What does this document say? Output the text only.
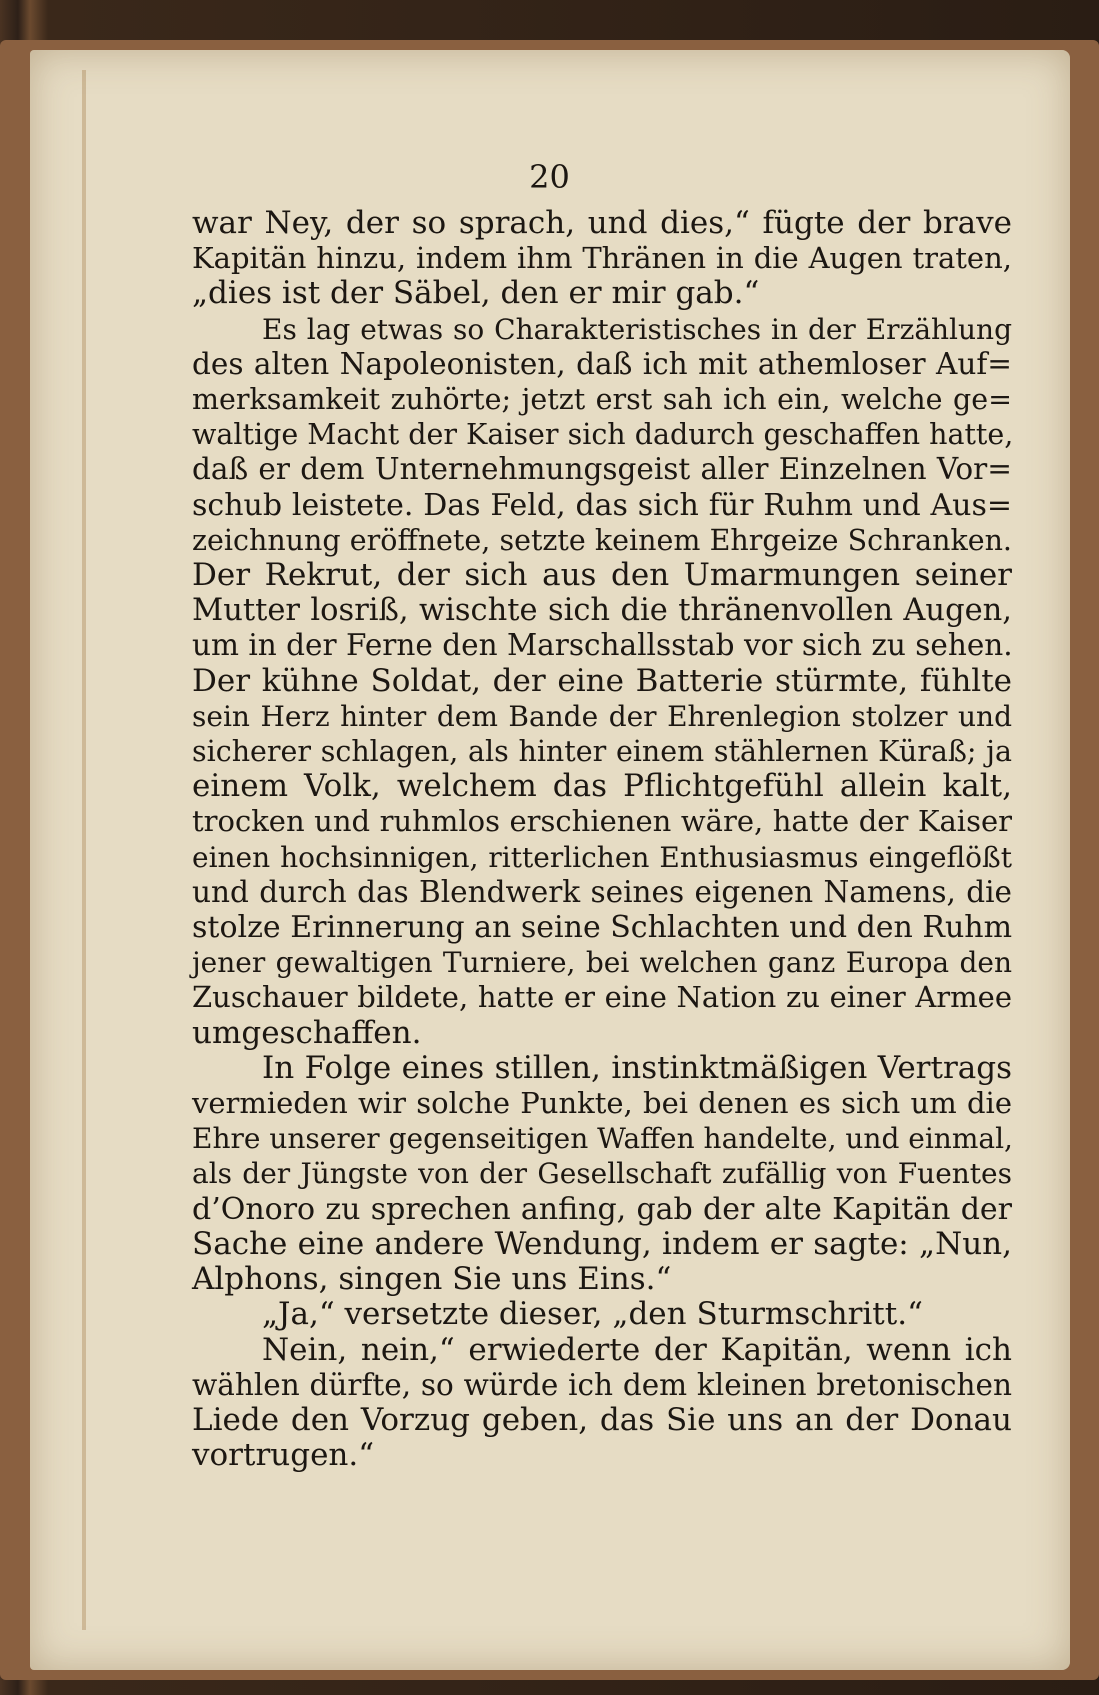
20
war Ney, der so sprach, und dies,“ fügte der brave
Kapitän hinzu, indem ihm Thränen in die Augen traten,
„dies ist der Säbel, den er mir gab.“
Es lag etwas so Charakteristisches in der Erzählung
des alten Napoleonisten, daß ich mit athemloser Auf=
merksamkeit zuhörte; jetzt erst sah ich ein, welche ge=
waltige Macht der Kaiser sich dadurch geschaffen hatte,
daß er dem Unternehmungsgeist aller Einzelnen Vor=
schub leistete. Das Feld, das sich für Ruhm und Aus=
zeichnung eröffnete, setzte keinem Ehrgeize Schranken.
Der Rekrut, der sich aus den Umarmungen seiner
Mutter losriß, wischte sich die thränenvollen Augen,
um in der Ferne den Marschallsstab vor sich zu sehen.
Der kühne Soldat, der eine Batterie stürmte, fühlte
sein Herz hinter dem Bande der Ehrenlegion stolzer und
sicherer schlagen, als hinter einem stählernen Küraß; ja
einem Volk, welchem das Pflichtgefühl allein kalt,
trocken und ruhmlos erschienen wäre, hatte der Kaiser
einen hochsinnigen, ritterlichen Enthusiasmus eingeflößt
und durch das Blendwerk seines eigenen Namens, die
stolze Erinnerung an seine Schlachten und den Ruhm
jener gewaltigen Turniere, bei welchen ganz Europa den
Zuschauer bildete, hatte er eine Nation zu einer Armee
umgeschaffen.
In Folge eines stillen, instinktmäßigen Vertrags
vermieden wir solche Punkte, bei denen es sich um die
Ehre unserer gegenseitigen Waffen handelte, und einmal,
als der Jüngste von der Gesellschaft zufällig von Fuentes
d’Onoro zu sprechen anfing, gab der alte Kapitän der
Sache eine andere Wendung, indem er sagte: „Nun,
Alphons, singen Sie uns Eins.“
„Ja,“ versetzte dieser, „den Sturmschritt.“
Nein, nein,“ erwiederte der Kapitän, wenn ich
wählen dürfte, so würde ich dem kleinen bretonischen
Liede den Vorzug geben, das Sie uns an der Donau
vortrugen.“
